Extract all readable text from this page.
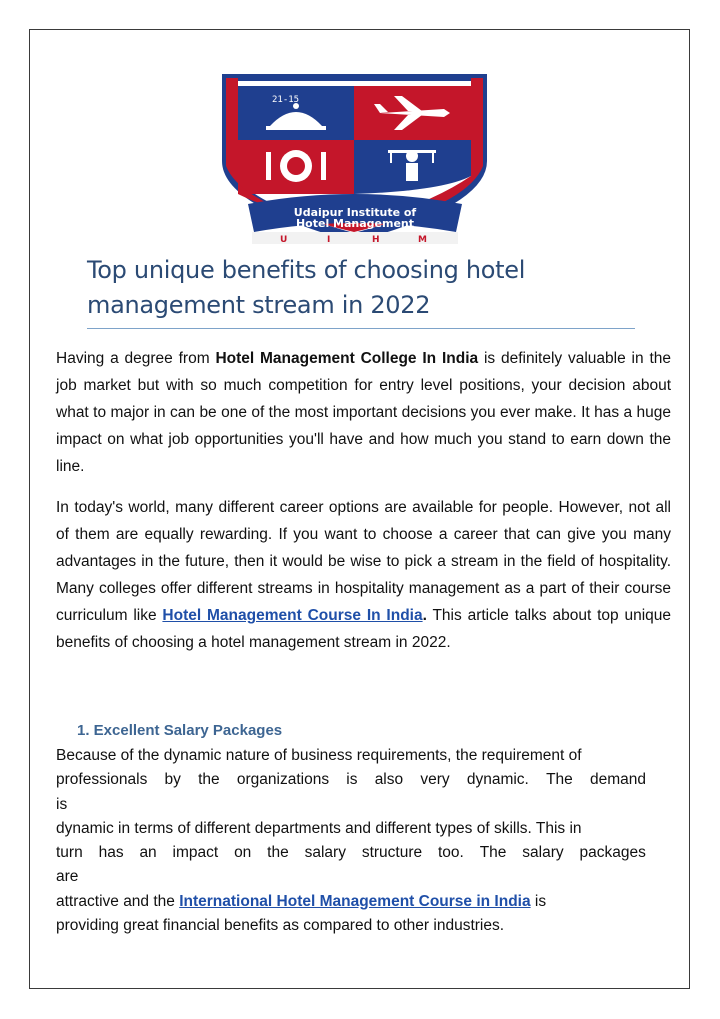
21-15
Udaipur Institute of
Hotel Management
U	I	H	M
Top unique benefits of choosing hotel
management stream in 2022

Having a degree from Hotel Management College In India is definitely valuable in the job market but with so much competition for entry level positions, your decision about what to major in can be one of the most important decisions you ever make. It has a huge impact on what job opportunities you'll have and how much you stand to earn down the line.

In today's world, many different career options are available for people. However, not all of them are equally rewarding. If you want to choose a career that can give you many advantages in the future, then it would be wise to pick a stream in the field of hospitality. Many colleges offer different streams in hospitality management as a part of their course curriculum like Hotel Management Course In India. This article talks about top unique benefits of choosing a hotel management stream in 2022.

1. Excellent Salary Packages
Because of the dynamic nature of business requirements, the requirement of
professionals by the organizations is also very dynamic. The demand
is
dynamic in terms of different departments and different types of skills. This in
turn has an impact on the salary structure too. The salary packages
are
attractive and the International Hotel Management Course in India is
providing great financial benefits as compared to other industries.
